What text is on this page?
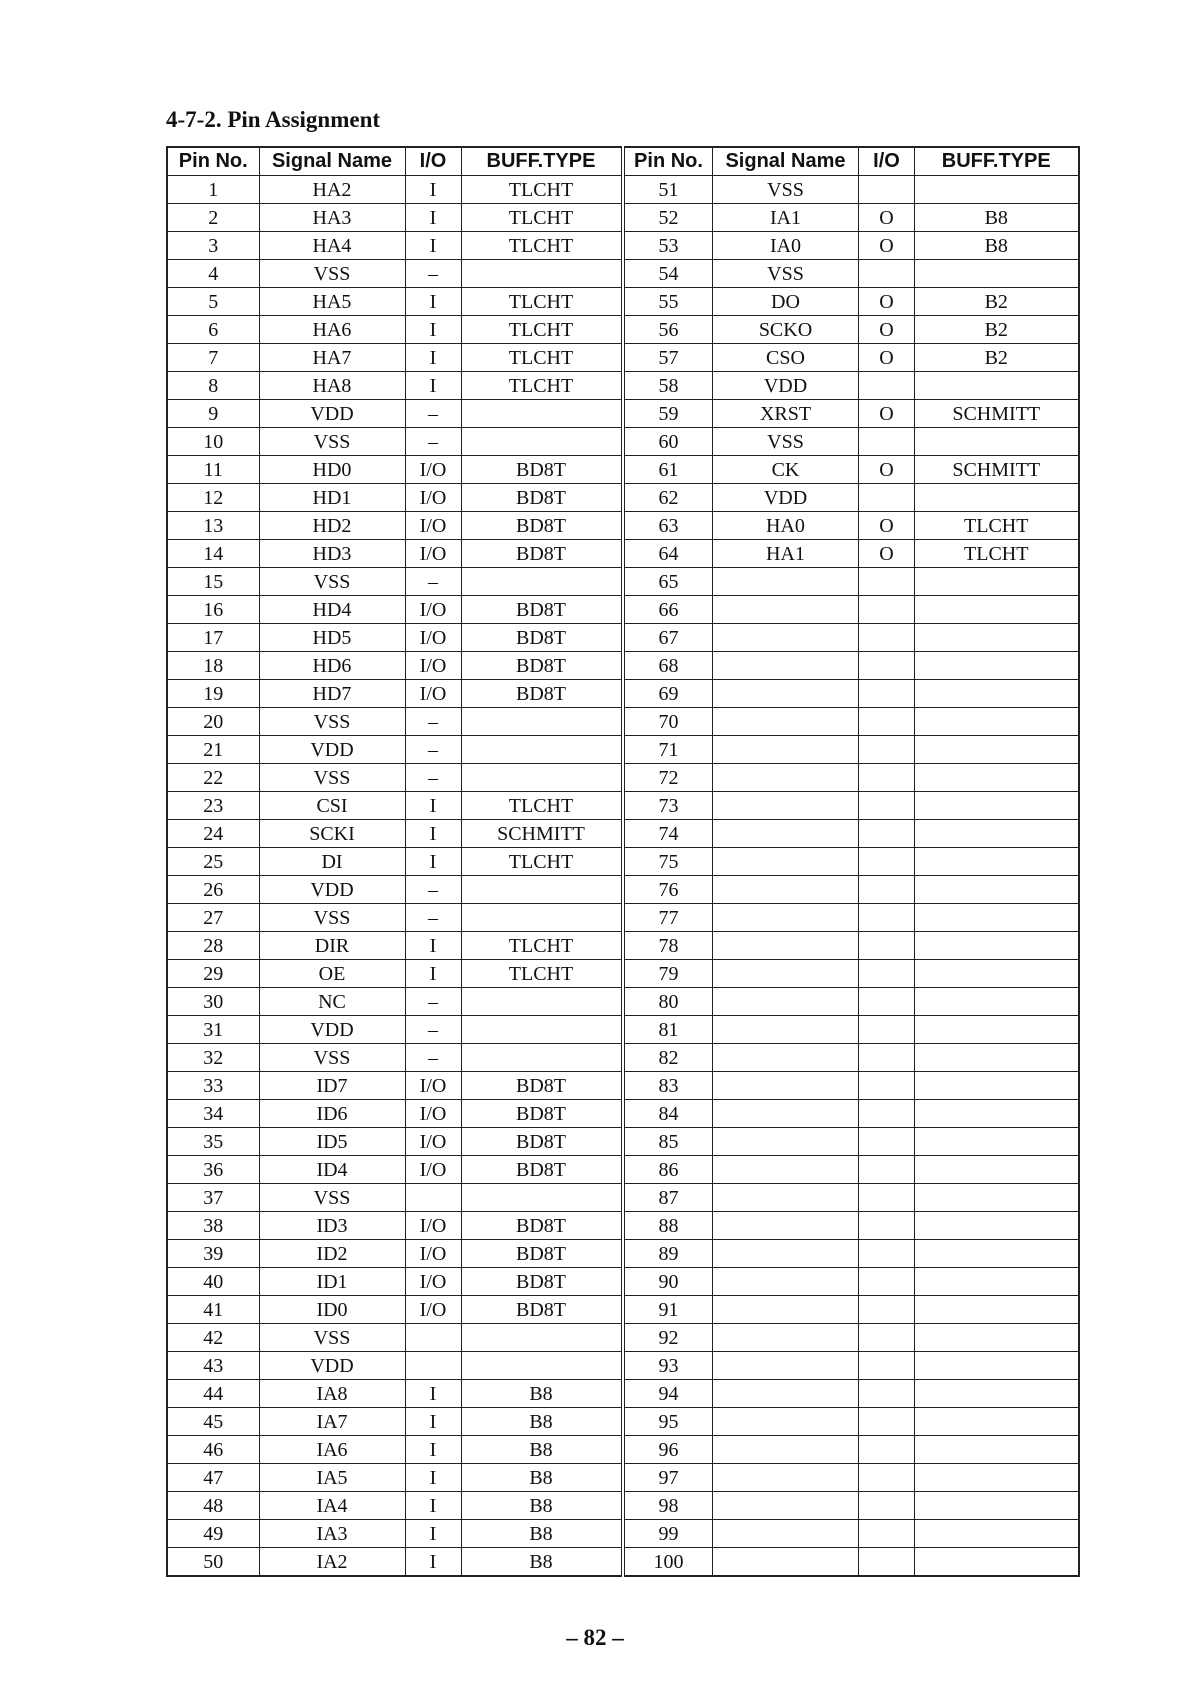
4-7-2. Pin Assignment
Pin No.	Signal Name	I/O	BUFF.TYPE
1	HA2	I	TLCHT
2	HA3	I	TLCHT
3	HA4	I	TLCHT
4	VSS	–	
5	HA5	I	TLCHT
6	HA6	I	TLCHT
7	HA7	I	TLCHT
8	HA8	I	TLCHT
9	VDD	–	
10	VSS	–	
11	HD0	I/O	BD8T
12	HD1	I/O	BD8T
13	HD2	I/O	BD8T
14	HD3	I/O	BD8T
15	VSS	–	
16	HD4	I/O	BD8T
17	HD5	I/O	BD8T
18	HD6	I/O	BD8T
19	HD7	I/O	BD8T
20	VSS	–	
21	VDD	–	
22	VSS	–	
23	CSI	I	TLCHT
24	SCKI	I	SCHMITT
25	DI	I	TLCHT
26	VDD	–	
27	VSS	–	
28	DIR	I	TLCHT
29	OE	I	TLCHT
30	NC	–	
31	VDD	–	
32	VSS	–	
33	ID7	I/O	BD8T
34	ID6	I/O	BD8T
35	ID5	I/O	BD8T
36	ID4	I/O	BD8T
37	VSS		
38	ID3	I/O	BD8T
39	ID2	I/O	BD8T
40	ID1	I/O	BD8T
41	ID0	I/O	BD8T
42	VSS		
43	VDD		
44	IA8	I	B8
45	IA7	I	B8
46	IA6	I	B8
47	IA5	I	B8
48	IA4	I	B8
49	IA3	I	B8
50	IA2	I	B8
Pin No.	Signal Name	I/O	BUFF.TYPE
51	VSS		
52	IA1	O	B8
53	IA0	O	B8
54	VSS		
55	DO	O	B2
56	SCKO	O	B2
57	CSO	O	B2
58	VDD		
59	XRST	O	SCHMITT
60	VSS		
61	CK	O	SCHMITT
62	VDD		
63	HA0	O	TLCHT
64	HA1	O	TLCHT
65			
66			
67			
68			
69			
70			
71			
72			
73			
74			
75			
76			
77			
78			
79			
80			
81			
82			
83			
84			
85			
86			
87			
88			
89			
90			
91			
92			
93			
94			
95			
96			
97			
98			
99			
100			
– 82 –
